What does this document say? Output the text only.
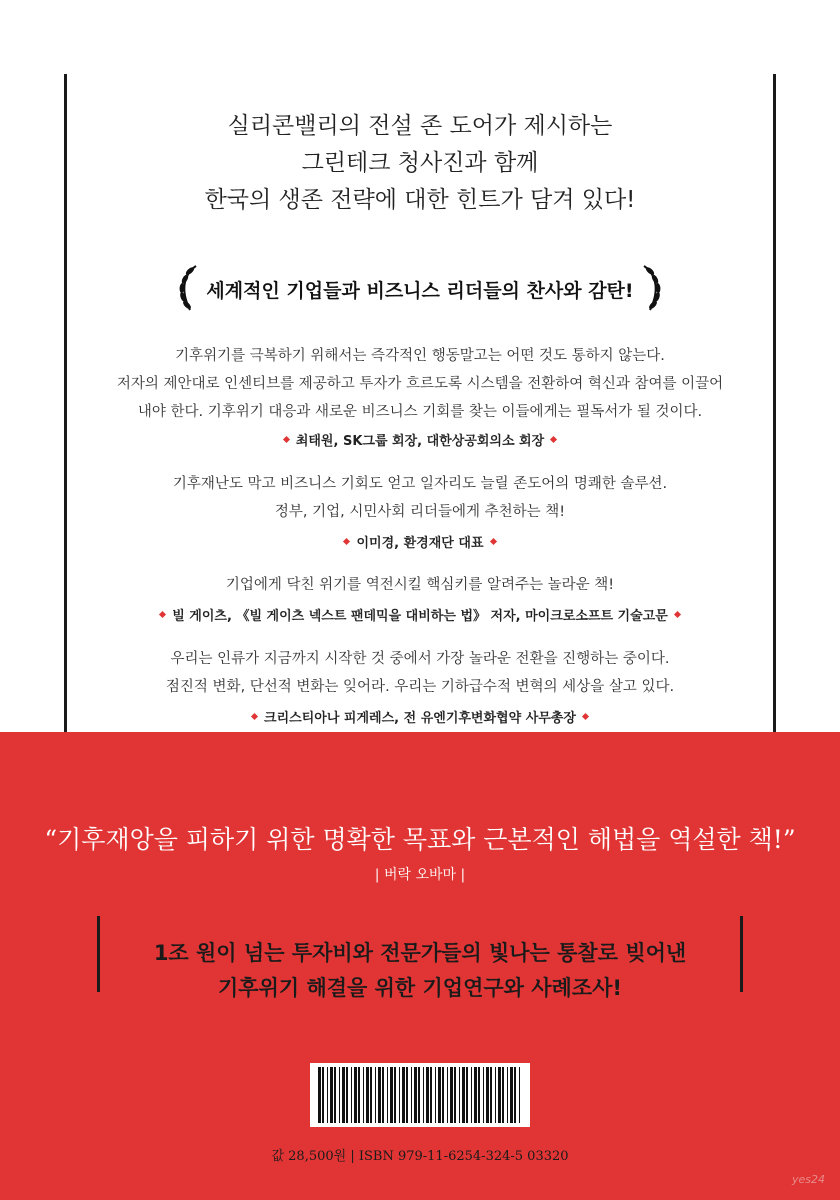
실리콘밸리의 전설 존 도어가 제시하는
그린테크 청사진과 함께
한국의 생존 전략에 대한 힌트가 담겨 있다!
세계적인 기업들과 비즈니스 리더들의 찬사와 감탄!
기후위기를 극복하기 위해서는 즉각적인 행동말고는 어떤 것도 통하지 않는다.
저자의 제안대로 인센티브를 제공하고 투자가 흐르도록 시스템을 전환하여 혁신과 참여를 이끌어
내야 한다. 기후위기 대응과 새로운 비즈니스 기회를 찾는 이들에게는 필독서가 될 것이다.
최태원, SK그룹 회장, 대한상공회의소 회장
기후재난도 막고 비즈니스 기회도 얻고 일자리도 늘릴 존도어의 명쾌한 솔루션.
정부, 기업, 시민사회 리더들에게 추천하는 책!
이미경, 환경재단 대표
기업에게 닥친 위기를 역전시킬 핵심키를 알려주는 놀라운 책!
빌 게이츠, 《빌 게이츠 넥스트 팬데믹을 대비하는 법》 저자, 마이크로소프트 기술고문
우리는 인류가 지금까지 시작한 것 중에서 가장 놀라운 전환을 진행하는 중이다.
점진적 변화, 단선적 변화는 잊어라. 우리는 기하급수적 변혁의 세상을 살고 있다.
크리스티아나 피게레스, 전 유엔기후변화협약 사무총장
“기후재앙을 피하기 위한 명확한 목표와 근본적인 해법을 역설한 책!”
| 버락 오바마 |
1조 원이 넘는 투자비와 전문가들의 빛나는 통찰로 빚어낸
기후위기 해결을 위한 기업연구와 사례조사!
값 28,500원 | ISBN 979-11-6254-324-5 03320
yes24
